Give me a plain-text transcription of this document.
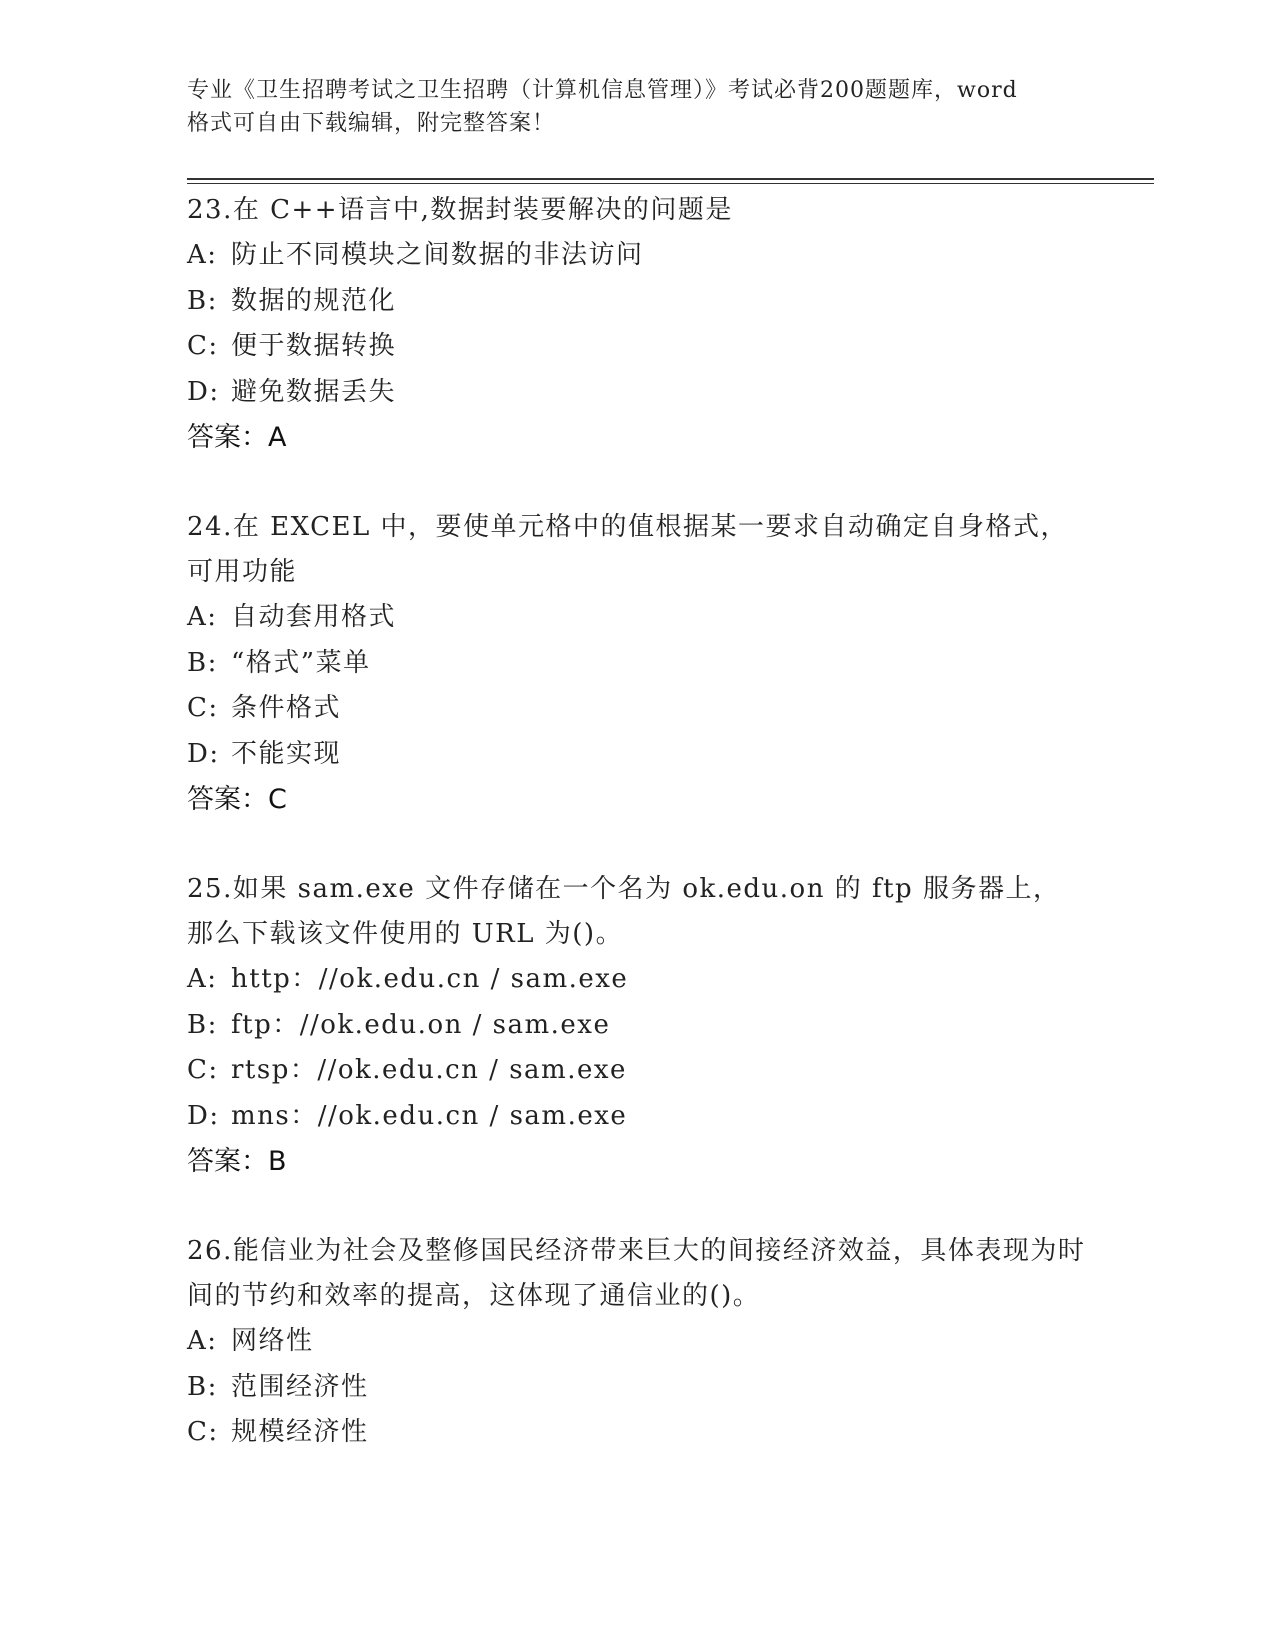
专业《卫生招聘考试之卫生招聘（计算机信息管理）》考试必背200题题库，word
格式可自由下载编辑，附完整答案！

23.在 C++语言中,数据封装要解决的问题是

A: 防止不同模块之间数据的非法访问

B: 数据的规范化

C: 便于数据转换

D: 避免数据丢失

答案：A

24.在 EXCEL 中，要使单元格中的值根据某一要求自动确定自身格式，可用功能

A: 自动套用格式

B: “格式”菜单

C: 条件格式

D: 不能实现

答案：C

25.如果 sam.exe 文件存储在一个名为 ok.edu.on 的 ftp 服务器上，那么下载该文件使用的 URL 为()。

A: http：//ok.edu.cn / sam.exe

B: ftp：//ok.edu.on / sam.exe

C: rtsp：//ok.edu.cn / sam.exe

D: mns：//ok.edu.cn / sam.exe

答案：B

26.能信业为社会及整修国民经济带来巨大的间接经济效益，具体表现为时间的节约和效率的提高，这体现了通信业的()。

A: 网络性

B: 范围经济性

C: 规模经济性
